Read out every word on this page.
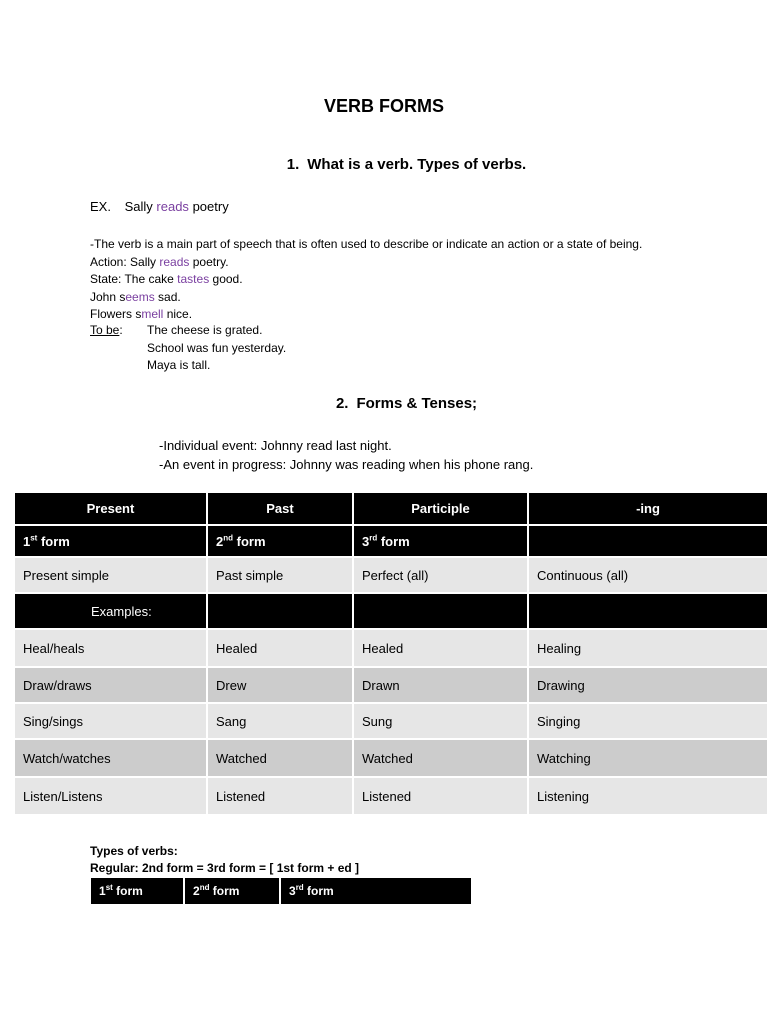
VERB FORMS
1. What is a verb. Types of verbs.
EX. Sally reads poetry
-The verb is a main part of speech that is often used to describe or indicate an action or a state of being.
Action: Sally reads poetry.
State: The cake tastes good.
John seems sad.
Flowers smell nice.
To be:	The cheese is grated.
School was fun yesterday.
Maya is tall.
2. Forms & Tenses;
-Individual event: Johnny read last night.
-An event in progress: Johnny was reading when his phone rang.
Present	Past	Participle	-ing
1st form	2nd form	3rd form	
Present simple	Past simple	Perfect (all)	Continuous (all)
Examples:			
Heal/heals	Healed	Healed	Healing
Draw/draws	Drew	Drawn	Drawing
Sing/sings	Sang	Sung	Singing
Watch/watches	Watched	Watched	Watching
Listen/Listens	Listened	Listened	Listening
Types of verbs:
Regular: 2nd form = 3rd form = [ 1st form + ed ]
1st form	2nd form	3rd form
